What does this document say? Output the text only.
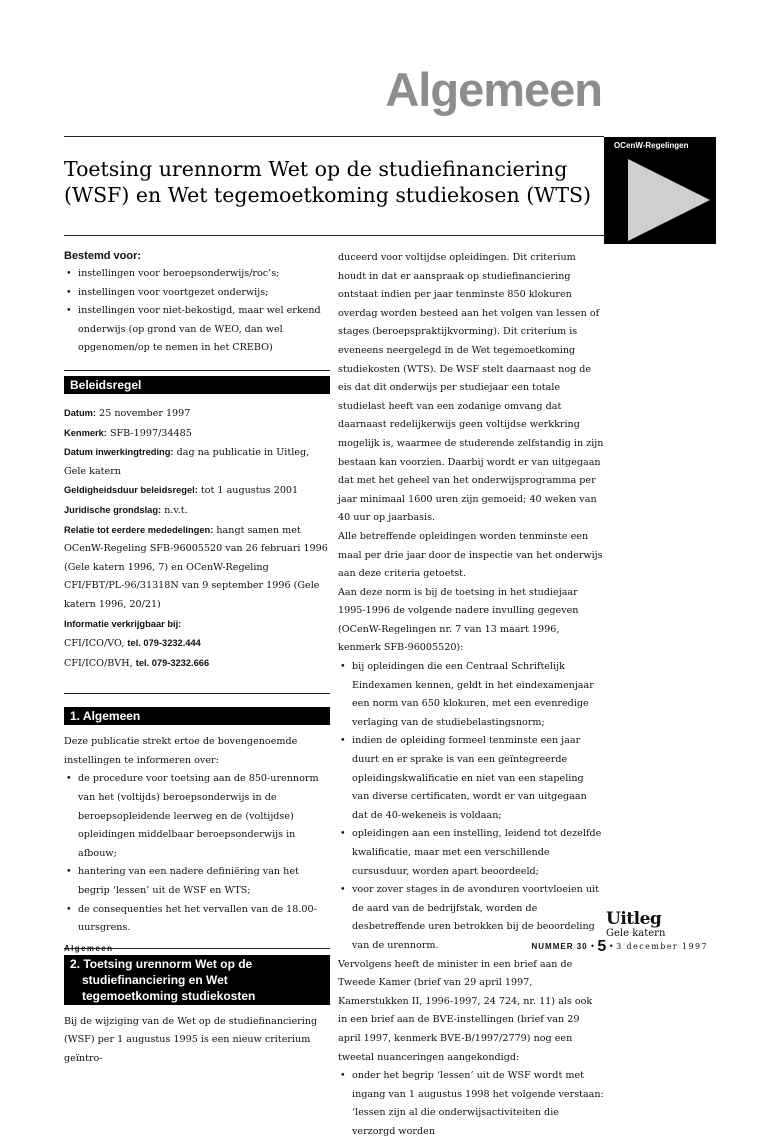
Algemeen
OCenW-Regelingen
Toetsing urennorm Wet op de studiefinanciering
(WSF) en Wet tegemoetkoming studiekosen (WTS)
Bestemd voor:
• instellingen voor beroepsonderwijs/roc’s;
• instellingen voor voortgezet onderwijs;
• instellingen voor niet-bekostigd, maar wel erkend onderwijs (op grond van de WEO, dan wel opgenomen/op te nemen in het CREBO)
Beleidsregel

Datum: 25 november 1997

Kenmerk: SFB-1997/34485

Datum inwerkingtreding: dag na publicatie in Uitleg, Gele katern

Geldigheidsduur beleidsregel: tot 1 augustus 2001

Juridische grondslag: n.v.t.

Relatie tot eerdere mededelingen: hangt samen met OCenW-Regeling SFB-96005520 van 26 februari 1996 (Gele katern 1996, 7) en OCenW-Regeling CFI/FBT/PL-96/31318N van 9 september 1996 (Gele katern 1996, 20/21)

Informatie verkrijgbaar bij:

CFI/ICO/VO, tel. 079-3232.444

CFI/ICO/BVH, tel. 079-3232.666

1. Algemeen

Deze publicatie strekt ertoe de bovengenoemde instellingen te informeren over:

• de procedure voor toetsing aan de 850-urennorm van het (voltijds) beroepsonderwijs in de beroepsopleidende leerweg en de (voltijdse) opleidingen middelbaar beroepsonderwijs in afbouw;
• hantering van een nadere definiëring van het begrip ‘lessen’ uit de WSF en WTS;
• de consequenties het het vervallen van de 18.00-uursgrens.
2. Toetsing urennorm Wet op de studiefinanciering en Wet tegemoetkoming studiekosten

Bij de wijziging van de Wet op de studiefinanciering (WSF) per 1 augustus 1995 is een nieuw criterium geïntro-

duceerd voor voltijdse opleidingen. Dit criterium houdt in dat er aanspraak op studiefinanciering ontstaat indien per jaar tenminste 850 klokuren overdag worden besteed aan het volgen van lessen of stages (beroepspraktijkvorming). Dit criterium is eveneens neergelegd in de Wet tegemoetkoming studiekosten (WTS). De WSF stelt daarnaast nog de eis dat dit onderwijs per studiejaar een totale studielast heeft van een zodanige omvang dat daarnaast redelijkerwijs geen voltijdse werkkring mogelijk is, waarmee de studerende zelfstandig in zijn bestaan kan voorzien. Daarbij wordt er van uitgegaan dat met het geheel van het onderwijsprogramma per jaar minimaal 1600 uren zijn gemoeid; 40 weken van 40 uur op jaarbasis.

Alle betreffende opleidingen worden tenminste een maal per drie jaar door de inspectie van het onderwijs aan deze criteria getoetst.

Aan deze norm is bij de toetsing in het studiejaar 1995-1996 de volgende nadere invulling gegeven (OCenW-Regelingen nr. 7 van 13 maart 1996, kenmerk SFB-96005520):

• bij opleidingen die een Centraal Schriftelijk Eindexamen kennen, geldt in het eindexamenjaar een norm van 650 klokuren, met een evenredige verlaging van de studiebelastingsnorm;
• indien de opleiding formeel tenminste een jaar duurt en er sprake is van een geïntegreerde opleidingskwalificatie en niet van een stapeling van diverse certificaten, wordt er van uitgegaan dat de 40-wekeneis is voldaan;
• opleidingen aan een instelling, leidend tot dezelfde kwalificatie, maar met een verschillende cursusduur, worden apart beoordeeld;
• voor zover stages in de avonduren voortvloeien uit de aard van de bedrijfstak, worden de desbetreffende uren betrokken bij de beoordeling van de urennorm.

Vervolgens heeft de minister in een brief aan de Tweede Kamer (brief van 29 april 1997, Kamerstukken II, 1996-1997, 24 724, nr. 11) als ook in een brief aan de BVE-instellingen (brief van 29 april 1997, kenmerk BVE-B/1997/2779) nog een tweetal nuanceringen aangekondigd:

• onder het begrip ‘lessen’ uit de WSF wordt met ingang van 1 augustus 1998 het volgende verstaan: ‘lessen zijn al die onderwijsactiviteiten die verzorgd worden
Uitleg
Gele katern
Algemeen	NUMMER 30 • 5 • 3 december 1997
